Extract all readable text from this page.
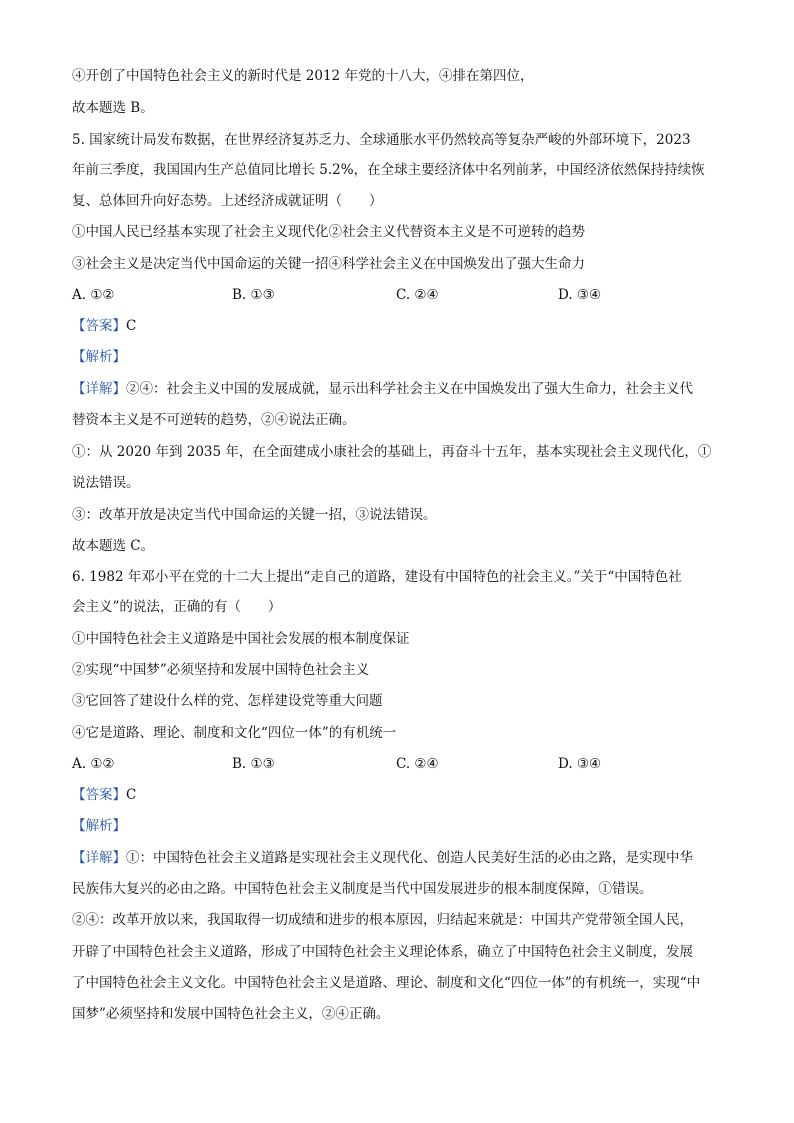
④开创了中国特色社会主义的新时代是 2012 年党的十八大，④排在第四位，
故本题选 B。
5. 国家统计局发布数据，在世界经济复苏乏力、全球通胀水平仍然较高等复杂严峻的外部环境下，2023
年前三季度，我国国内生产总值同比增长 5.2%，在全球主要经济体中名列前茅，中国经济依然保持持续恢
复、总体回升向好态势。上述经济成就证明（　　）
①中国人民已经基本实现了社会主义现代化②社会主义代替资本主义是不可逆转的趋势
③社会主义是决定当代中国命运的关键一招④科学社会主义在中国焕发出了强大生命力
A. ①②	B. ①③	C. ②④	D. ③④
【答案】C
【解析】
【详解】②④：社会主义中国的发展成就，显示出科学社会主义在中国焕发出了强大生命力，社会主义代
替资本主义是不可逆转的趋势，②④说法正确。
①：从 2020 年到 2035 年，在全面建成小康社会的基础上，再奋斗十五年，基本实现社会主义现代化，①
说法错误。
③：改革开放是决定当代中国命运的关键一招，③说法错误。
故本题选 C。
6. 1982 年邓小平在党的十二大上提出“走自己的道路，建设有中国特色的社会主义。”关于“中国特色社
会主义”的说法，正确的有（　　）
①中国特色社会主义道路是中国社会发展的根本制度保证
②实现“中国梦”必须坚持和发展中国特色社会主义
③它回答了建设什么样的党、怎样建设党等重大问题
④它是道路、理论、制度和文化“四位一体”的有机统一
A. ①②	B. ①③	C. ②④	D. ③④
【答案】C
【解析】
【详解】①：中国特色社会主义道路是实现社会主义现代化、创造人民美好生活的必由之路，是实现中华
民族伟大复兴的必由之路。中国特色社会主义制度是当代中国发展进步的根本制度保障，①错误。
②④：改革开放以来，我国取得一切成绩和进步的根本原因，归结起来就是：中国共产党带领全国人民，
开辟了中国特色社会主义道路，形成了中国特色社会主义理论体系，确立了中国特色社会主义制度，发展
了中国特色社会主义文化。中国特色社会主义是道路、理论、制度和文化“四位一体”的有机统一，实现“中
国梦”必须坚持和发展中国特色社会主义，②④正确。
